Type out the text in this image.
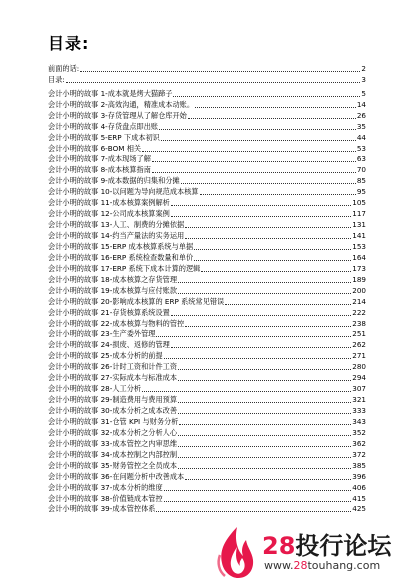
目录:
前面的话:	2
目录:	3
会计小明的故事 1-成本就是烤大猫蹄子	5
会计小明的故事 2-高效沟通，精准成本动账。	14
会计小明的故事 3-存货管理从了解仓库开始	26
会计小明的故事 4-存货盘点即出账	35
会计小明的故事 5-ERP 下成本初识	44
会计小明的故事 6-BOM 相关	53
会计小明的故事 7-成本现场了解	63
会计小明的故事 8-成本核算指南	70
会计小明的故事 9-成本数据的归集和分摊	85
会计小明的故事 10-以问题为导向规范成本核算	95
会计小明的故事 11-成本核算案例解析	105
会计小明的故事 12-公司成本核算案例	117
会计小明的故事 13-人工、制费的分摊依据	131
会计小明的故事 14-约当产量法的实务运用	141
会计小明的故事 15-ERP 成本核算系统与单据	153
会计小明的故事 16-ERP 系统检查数量和单价	164
会计小明的故事 17-ERP 系统下成本计算的逻辑	173
会计小明的故事 18-成本核算之存货管理	189
会计小明的故事 19-成本核算与应付账款	200
会计小明的故事 20-影响成本核算的 ERP 系统常见错误	214
会计小明的故事 21-存货核算系统设置	222
会计小明的故事 22-成本核算与物料的管控	238
会计小明的故事 23-生产委外管理	251
会计小明的故事 24-损废、返修的管理	262
会计小明的故事 25-成本分析的前提	271
会计小明的故事 26-计时工资和计件工资	280
会计小明的故事 27-实际成本与标准成本	294
会计小明的故事 28-人工分析	307
会计小明的故事 29-制造费用与费用预算	321
会计小明的故事 30-成本分析之成本改善	333
会计小明的故事 31-仓管 KPI 与财务分析	343
会计小明的故事 32-成本分析之分析人心	352
会计小明的故事 33-成本管控之内审思维	362
会计小明的故事 34-成本控制之内部控制	372
会计小明的故事 35-财务管控之全员成本	385
会计小明的故事 36-在问题分析中改善成本	396
会计小明的故事 37-成本分析的维度	406
会计小明的故事 38-价值链成本管控	415
会计小明的故事 39-成本管控体系	425
28投行论坛
www.28touhang.com
